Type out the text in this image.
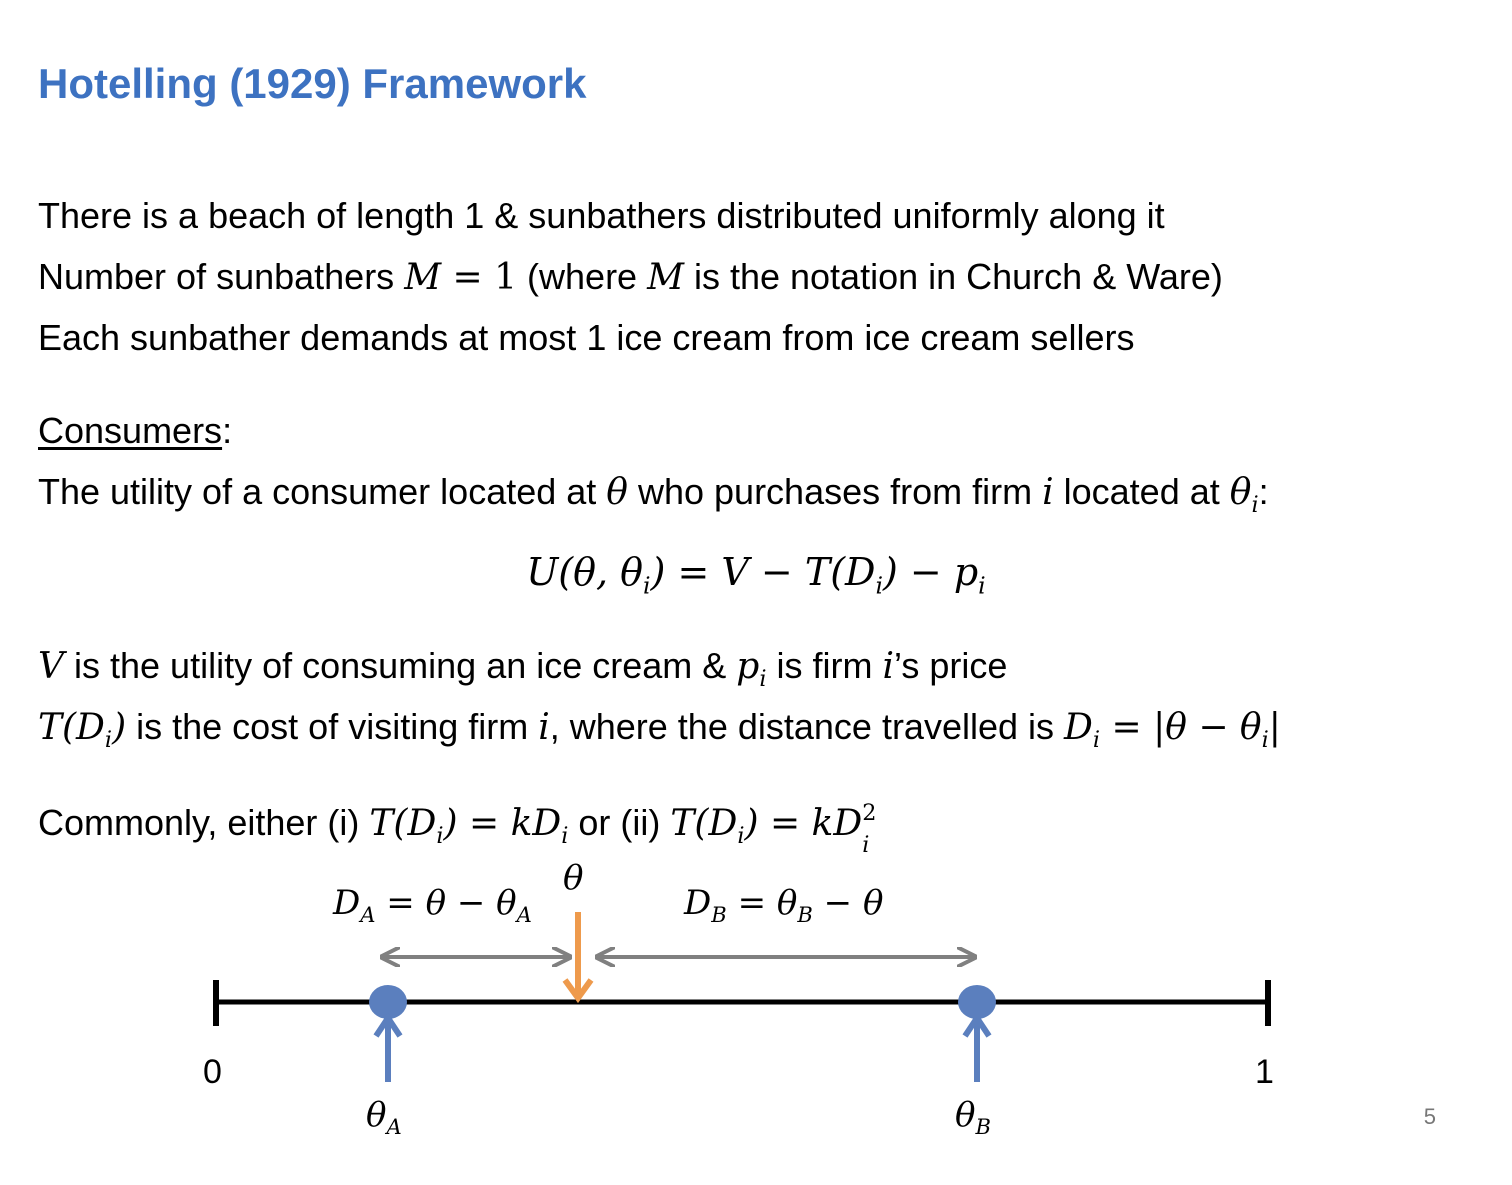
Hotelling (1929) Framework
There is a beach of length 1 & sunbathers distributed uniformly along it
Number of sunbathers M = 1 (where M is the notation in Church & Ware)
Each sunbather demands at most 1 ice cream from ice cream sellers
Consumers:
The utility of a consumer located at θ who purchases from firm i located at $\theta_i$:
U(θ, $\theta_i) = V - T(D_i) - p_i$
V is the utility of consuming an ice cream & $p_i$ is firm i’s price
$T(D_i)$ is the cost of visiting firm i, where the distance travelled is $D_i = |\theta - \theta_i|$
Commonly, either (i) $T(D_i) = kD_i$ or (ii) $T(D_i)$ = kD 2
i
$D_A = \theta - \theta_A$
θ
$D_B = \theta_B - \theta$
0	1
$\theta_A$	$\theta_B$	5
